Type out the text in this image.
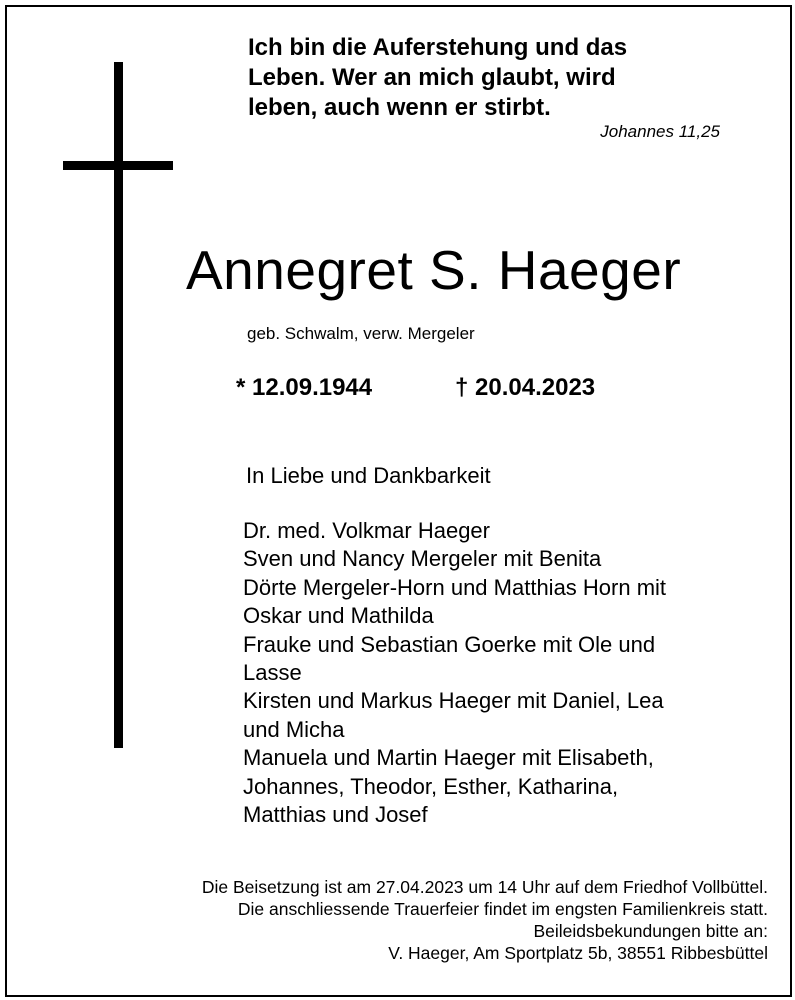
Ich bin die Auferstehung und das
Leben. Wer an mich glaubt, wird
leben, auch wenn er stirbt.

Johannes 11,25
Annegret S. Haeger
geb. Schwalm, verw. Mergeler
* 12.09.1944	† 20.04.2023
In Liebe und Dankbarkeit
Dr. med. Volkmar Haeger
Sven und Nancy Mergeler mit Benita
Dörte Mergeler-Horn und Matthias Horn mit
Oskar und Mathilda
Frauke und Sebastian Goerke mit Ole und
Lasse
Kirsten und Markus Haeger mit Daniel, Lea
und Micha
Manuela und Martin Haeger mit Elisabeth,
Johannes, Theodor, Esther, Katharina,
Matthias und Josef
Die Beisetzung ist am 27.04.2023 um 14 Uhr auf dem Friedhof Vollbüttel.
Die anschliessende Trauerfeier findet im engsten Familienkreis statt.
Beileidsbekundungen bitte an:
V. Haeger, Am Sportplatz 5b, 38551 Ribbesbüttel
